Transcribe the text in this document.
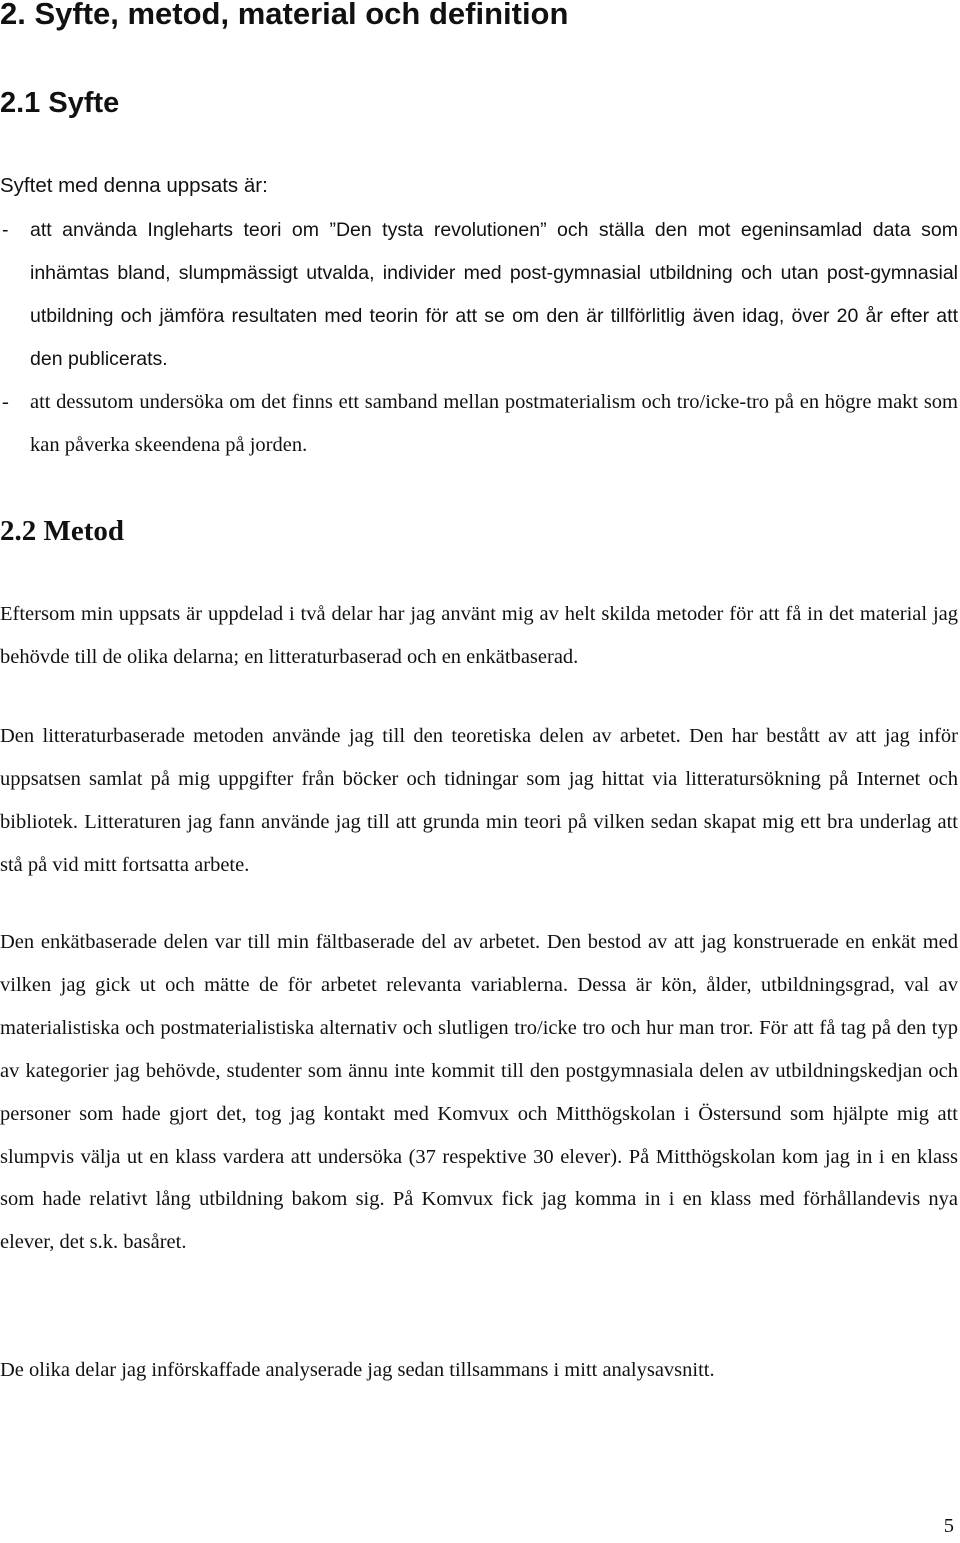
2. Syfte, metod, material och definition
2.1 Syfte

Syftet med denna uppsats är:

- att använda Ingleharts teori om ”Den tysta revolutionen” och ställa den mot egeninsamlad data som inhämtas bland, slumpmässigt utvalda, individer med post-gymnasial utbildning och utan post-gymnasial utbildning och jämföra resultaten med teorin för att se om den är tillförlitlig även idag, över 20 år efter att den publicerats.
- att dessutom undersöka om det finns ett samband mellan postmaterialism och tro/icke-tro på en högre makt som kan påverka skeendena på jorden.
2.2 Metod

Eftersom min uppsats är uppdelad i två delar har jag använt mig av helt skilda metoder för att få in det material jag behövde till de olika delarna; en litteraturbaserad och en enkätbaserad.

Den litteraturbaserade metoden använde jag till den teoretiska delen av arbetet. Den har bestått av att jag inför uppsatsen samlat på mig uppgifter från böcker och tidningar som jag hittat via litteratursökning på Internet och bibliotek. Litteraturen jag fann använde jag till att grunda min teori på vilken sedan skapat mig ett bra underlag att stå på vid mitt fortsatta arbete.

Den enkätbaserade delen var till min fältbaserade del av arbetet. Den bestod av att jag konstruerade en enkät med vilken jag gick ut och mätte de för arbetet relevanta variablerna. Dessa är kön, ålder, utbildningsgrad, val av materialistiska och postmaterialistiska alternativ och slutligen tro/icke tro och hur man tror. För att få tag på den typ av kategorier jag behövde, studenter som ännu inte kommit till den postgymnasiala delen av utbildningskedjan och personer som hade gjort det, tog jag kontakt med Komvux och Mitthögskolan i Östersund som hjälpte mig att slumpvis välja ut en klass vardera att undersöka (37 respektive 30 elever). På Mitthögskolan kom jag in i en klass som hade relativt lång utbildning bakom sig. På Komvux fick jag komma in i en klass med förhållandevis nya elever, det s.k. basåret.

De olika delar jag införskaffade analyserade jag sedan tillsammans i mitt analysavsnitt.

5
